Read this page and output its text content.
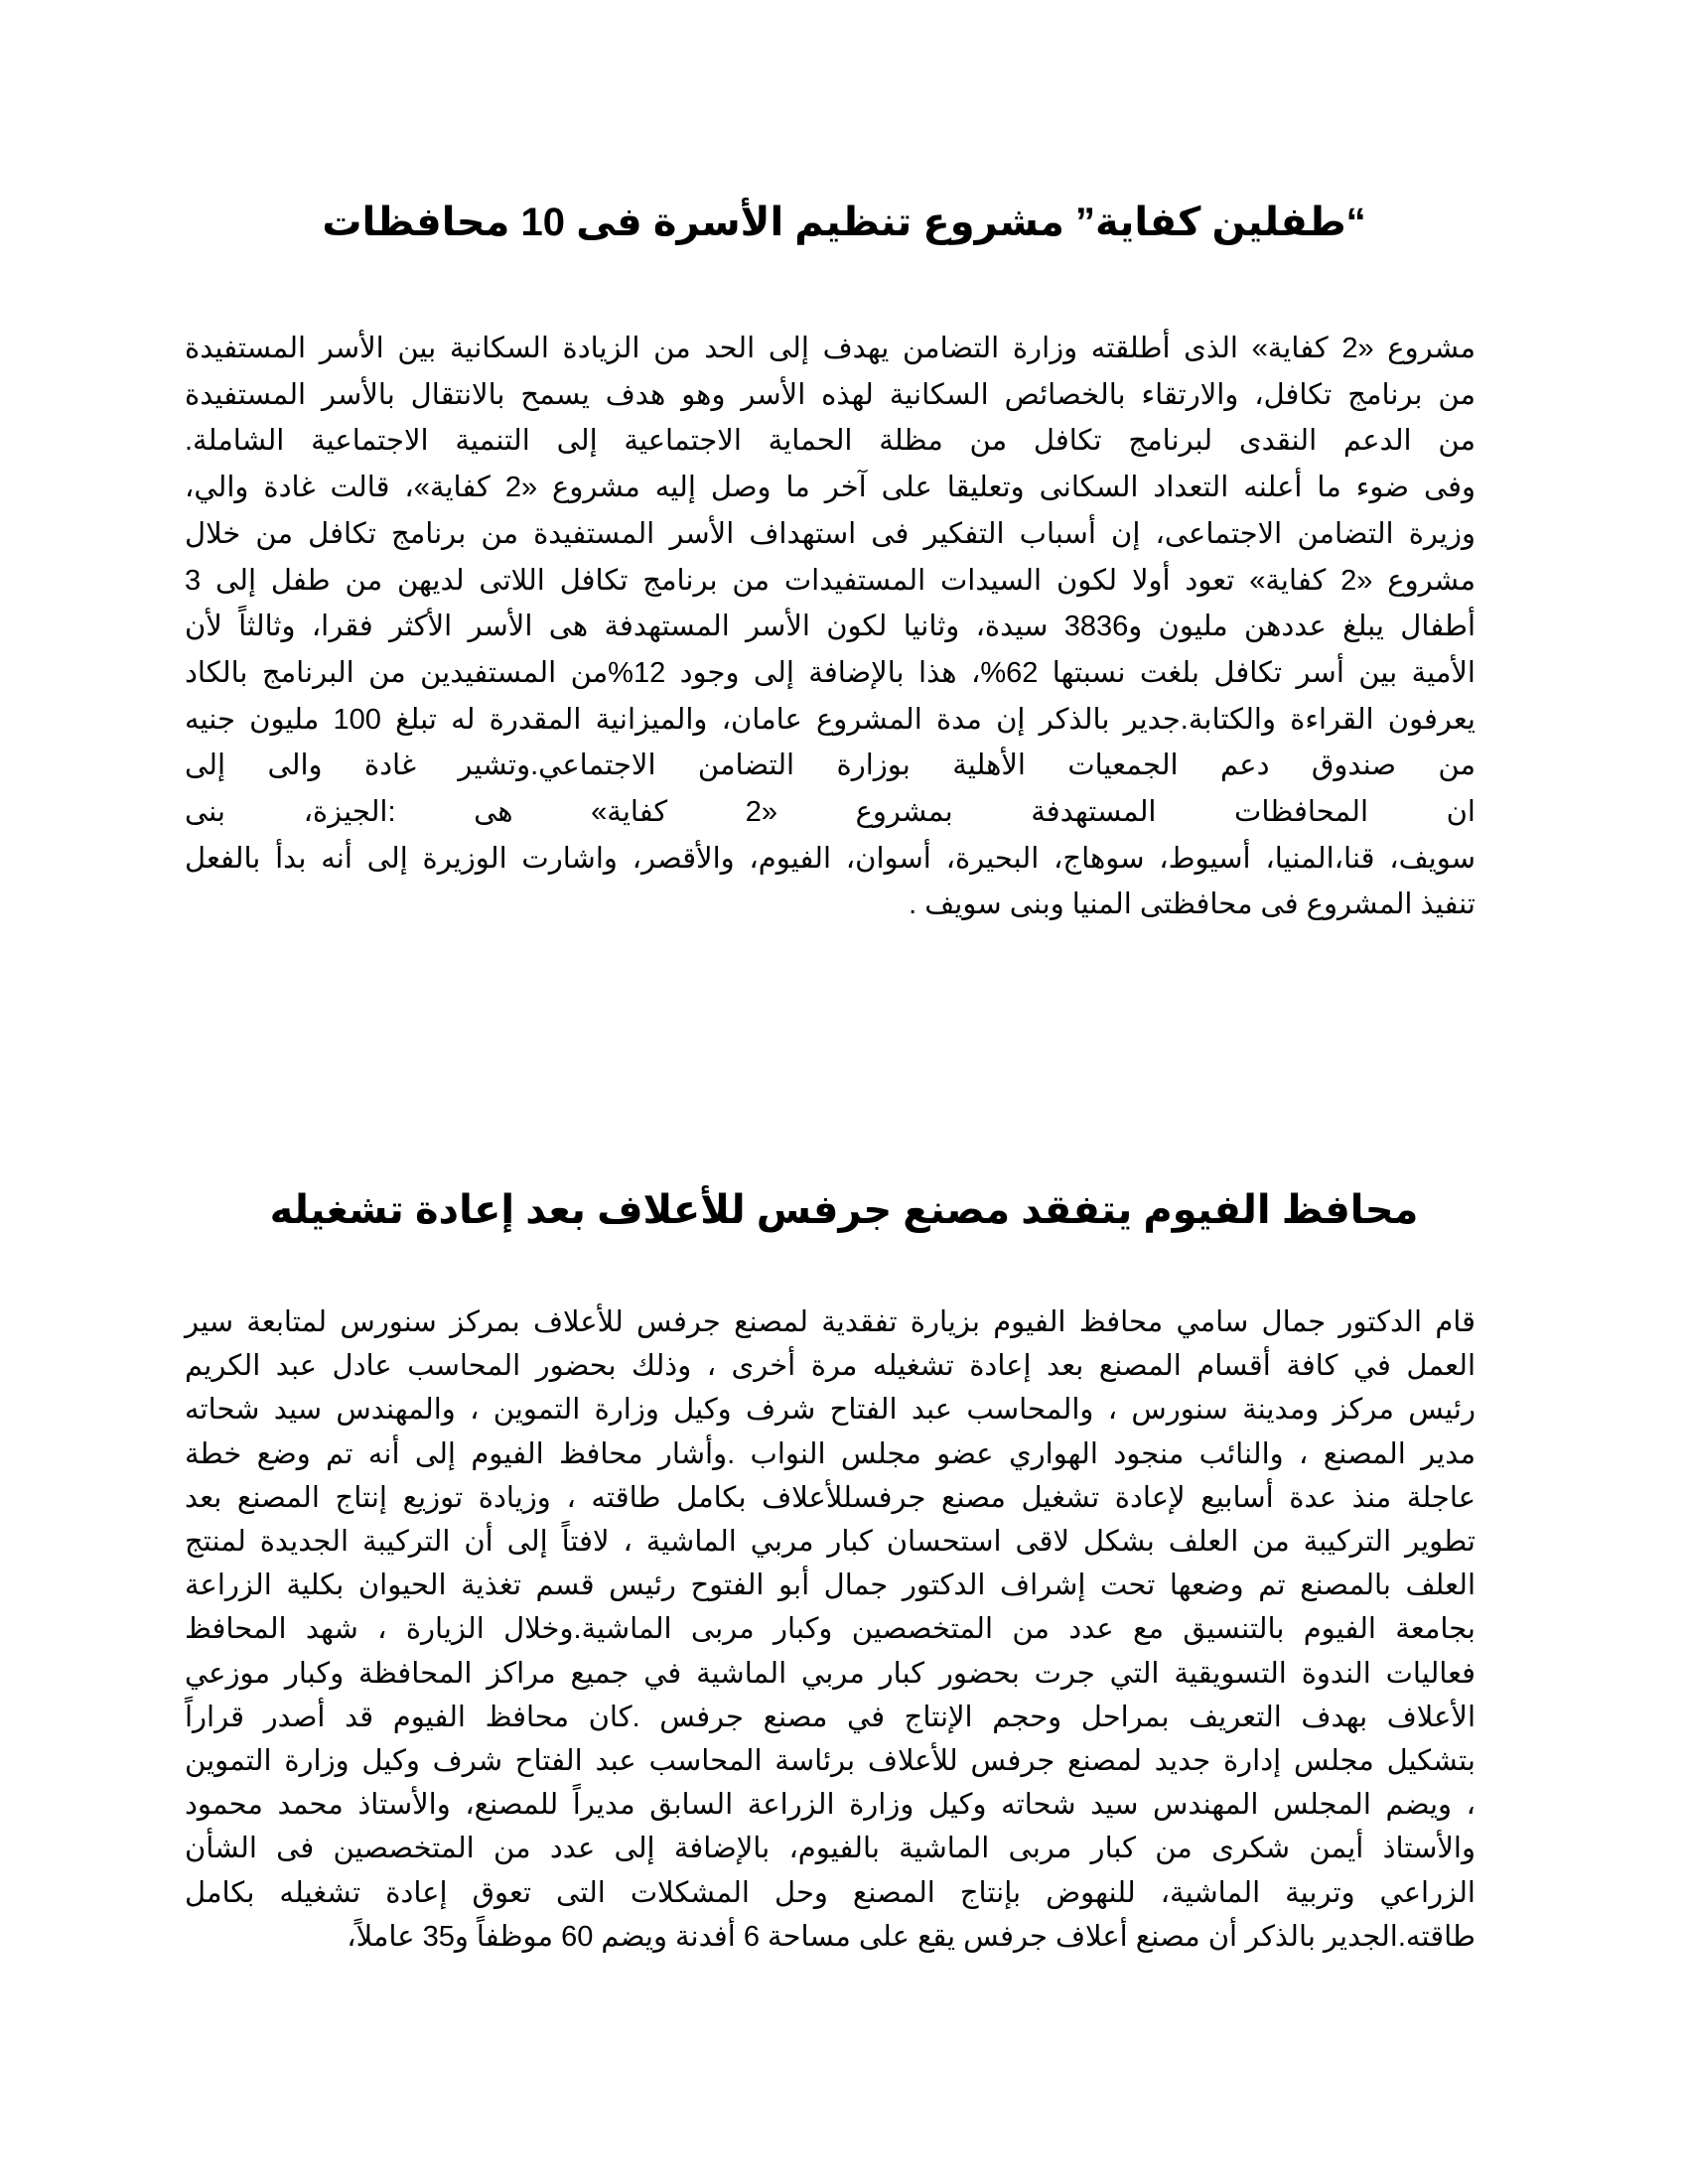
“طفلين كفاية” مشروع تنظيم الأسرة فى 10 محافظات
مشروع «2 كفاية» الذى أطلقته وزارة التضامن يهدف إلى الحد من الزيادة السكانية بين الأسر المستفيدة
من برنامج تكافل، والارتقاء بالخصائص السكانية لهذه الأسر وهو هدف يسمح بالانتقال بالأسر المستفيدة
من الدعم النقدى لبرنامج تكافل من مظلة الحماية الاجتماعية إلى التنمية الاجتماعية الشاملة.
وفى ضوء ما أعلنه التعداد السكانى وتعليقا على آخر ما وصل إليه مشروع «2 كفاية»، قالت غادة والي،
وزيرة التضامن الاجتماعى، إن أسباب التفكير فى استهداف الأسر المستفيدة من برنامج تكافل من خلال
مشروع «2 كفاية» تعود أولا لكون السيدات المستفيدات من برنامج تكافل اللاتى لديهن من طفل إلى 3
أطفال يبلغ عددهن مليون و3836 سيدة، وثانيا لكون الأسر المستهدفة هى الأسر الأكثر فقرا، وثالثاً لأن
الأمية بين أسر تكافل بلغت نسبتها 62%، هذا بالإضافة إلى وجود 12%من المستفيدين من البرنامج بالكاد
يعرفون القراءة والكتابة.جدير بالذكر إن مدة المشروع عامان، والميزانية المقدرة له تبلغ 100 مليون جنيه
من صندوق دعم الجمعيات الأهلية بوزارة التضامن الاجتماعي.وتشير غادة والى إلى
ان المحافظات المستهدفة بمشروع «2 كفاية» هى :الجيزة، بنى
سويف، قنا،المنيا، أسيوط، سوهاج، البحيرة، أسوان، الفيوم، والأقصر، واشارت الوزيرة إلى أنه بدأ بالفعل
تنفيذ المشروع فى محافظتى المنيا وبنى سويف .
محافظ الفيوم يتفقد مصنع جرفس للأعلاف بعد إعادة تشغيله
قام الدكتور جمال سامي محافظ الفيوم بزيارة تفقدية لمصنع جرفس للأعلاف بمركز سنورس لمتابعة سير
العمل في كافة أقسام المصنع بعد إعادة تشغيله مرة أخرى ، وذلك بحضور المحاسب عادل عبد الكريم
رئيس مركز ومدينة سنورس ، والمحاسب عبد الفتاح شرف وكيل وزارة التموين ، والمهندس سيد شحاته
مدير المصنع ، والنائب منجود الهواري عضو مجلس النواب .وأشار محافظ الفيوم إلى أنه تم وضع خطة
عاجلة منذ عدة أسابيع لإعادة تشغيل مصنع جرفسللأعلاف بكامل طاقته ، وزيادة توزيع إنتاج المصنع بعد
تطوير التركيبة من العلف بشكل لاقى استحسان كبار مربي الماشية ، لافتاً إلى أن التركيبة الجديدة لمنتج
العلف بالمصنع تم وضعها تحت إشراف الدكتور جمال أبو الفتوح رئيس قسم تغذية الحيوان بكلية الزراعة
بجامعة الفيوم بالتنسيق مع عدد من المتخصصين وكبار مربى الماشية.وخلال الزيارة ، شهد المحافظ
فعاليات الندوة التسويقية التي جرت بحضور كبار مربي الماشية في جميع مراكز المحافظة وكبار موزعي
الأعلاف بهدف التعريف بمراحل وحجم الإنتاج في مصنع جرفس .كان محافظ الفيوم قد أصدر قراراً
بتشكيل مجلس إدارة جديد لمصنع جرفس للأعلاف برئاسة المحاسب عبد الفتاح شرف وكيل وزارة التموين
، ويضم المجلس المهندس سيد شحاته وكيل وزارة الزراعة السابق مديراً للمصنع، والأستاذ محمد محمود
والأستاذ أيمن شكرى من كبار مربى الماشية بالفيوم، بالإضافة إلى عدد من المتخصصين فى الشأن
الزراعي وتربية الماشية، للنهوض بإنتاج المصنع وحل المشكلات التى تعوق إعادة تشغيله بكامل
طاقته.الجدير بالذكر أن مصنع أعلاف جرفس يقع على مساحة 6 أفدنة ويضم 60 موظفاً و35 عاملاً،
